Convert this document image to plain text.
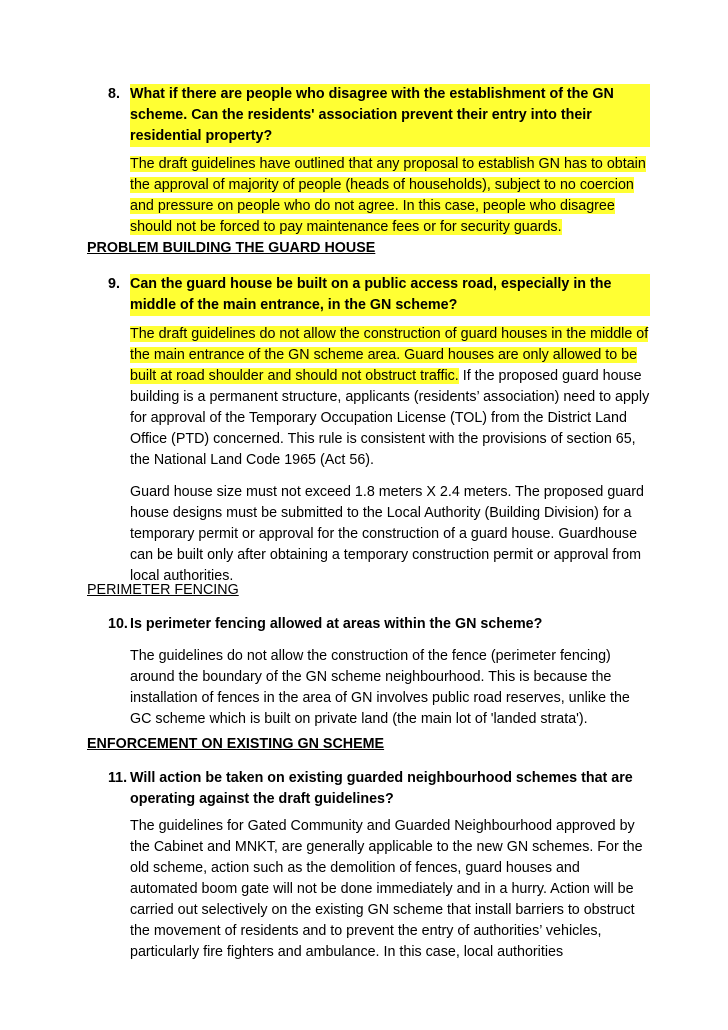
8. What if there are people who disagree with the establishment of the GN scheme. Can the residents' association prevent their entry into their residential property?

The draft guidelines have outlined that any proposal to establish GN has to obtain the approval of majority of people (heads of households), subject to no coercion and pressure on people who do not agree. In this case, people who disagree should not be forced to pay maintenance fees or for security guards.

PROBLEM BUILDING THE GUARD HOUSE
9. Can the guard house be built on a public access road, especially in the middle of the main entrance, in the GN scheme?

The draft guidelines do not allow the construction of guard houses in the middle of the main entrance of the GN scheme area. Guard houses are only allowed to be built at road shoulder and should not obstruct traffic. If the proposed guard house building is a permanent structure, applicants (residents’ association) need to apply for approval of the Temporary Occupation License (TOL) from the District Land Office (PTD) concerned. This rule is consistent with the provisions of section 65, the National Land Code 1965 (Act 56).

Guard house size must not exceed 1.8 meters X 2.4 meters. The proposed guard house designs must be submitted to the Local Authority (Building Division) for a temporary permit or approval for the construction of a guard house. Guardhouse can be built only after obtaining a temporary construction permit or approval from local authorities.

PERIMETER FENCING
10. Is perimeter fencing allowed at areas within the GN scheme?

The guidelines do not allow the construction of the fence (perimeter fencing) around the boundary of the GN scheme neighbourhood. This is because the installation of fences in the area of GN involves public road reserves, unlike the GC scheme which is built on private land (the main lot of 'landed strata').

ENFORCEMENT ON EXISTING GN SCHEME
11. Will action be taken on existing guarded neighbourhood schemes that are operating against the draft guidelines?

The guidelines for Gated Community and Guarded Neighbourhood approved by the Cabinet and MNKT, are generally applicable to the new GN schemes. For the old scheme, action such as the demolition of fences, guard houses and automated boom gate will not be done immediately and in a hurry. Action will be carried out selectively on the existing GN scheme that install barriers to obstruct the movement of residents and to prevent the entry of authorities’ vehicles, particularly fire fighters and ambulance. In this case, local authorities
